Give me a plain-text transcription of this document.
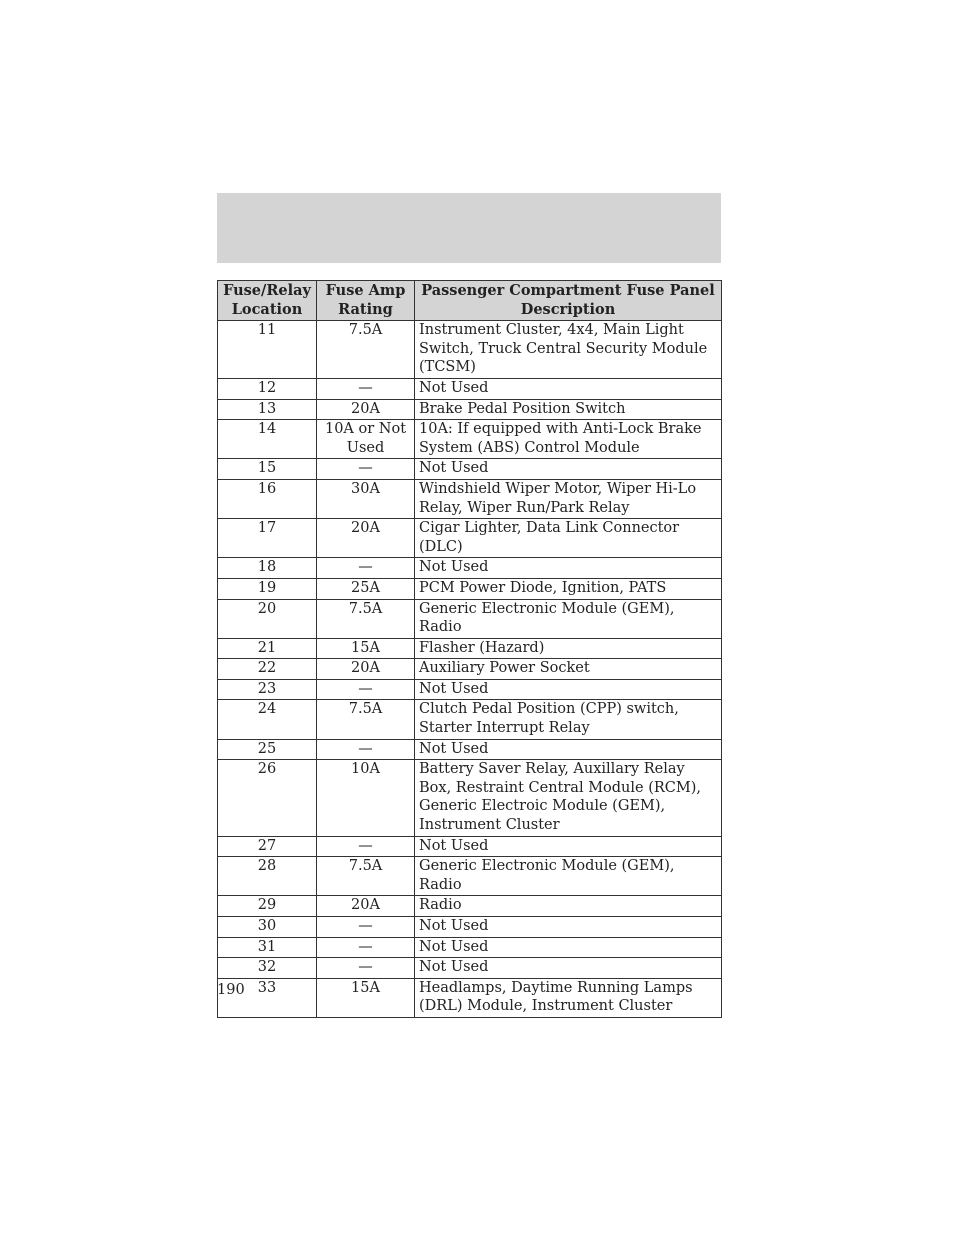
Fuse/Relay Location	Fuse Amp Rating	Passenger Compartment Fuse Panel Description
11	7.5A	Instrument Cluster, 4x4, Main Light Switch, Truck Central Security Module (TCSM)
12	—	Not Used
13	20A	Brake Pedal Position Switch
14	10A or Not Used	10A: If equipped with Anti-Lock Brake System (ABS) Control Module
15	—	Not Used
16	30A	Windshield Wiper Motor, Wiper Hi-Lo Relay, Wiper Run/Park Relay
17	20A	Cigar Lighter, Data Link Connector (DLC)
18	—	Not Used
19	25A	PCM Power Diode, Ignition, PATS
20	7.5A	Generic Electronic Module (GEM), Radio
21	15A	Flasher (Hazard)
22	20A	Auxiliary Power Socket
23	—	Not Used
24	7.5A	Clutch Pedal Position (CPP) switch, Starter Interrupt Relay
25	—	Not Used
26	10A	Battery Saver Relay, Auxillary Relay Box, Restraint Central Module (RCM), Generic Electroic Module (GEM), Instrument Cluster
27	—	Not Used
28	7.5A	Generic Electronic Module (GEM), Radio
29	20A	Radio
30	—	Not Used
31	—	Not Used
32	—	Not Used
33	15A	Headlamps, Daytime Running Lamps (DRL) Module, Instrument Cluster
190
